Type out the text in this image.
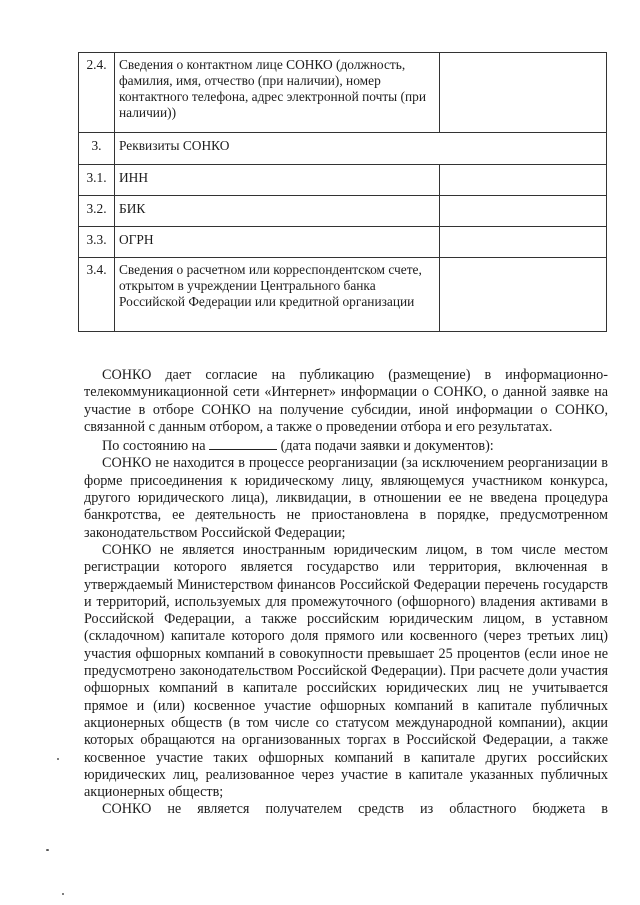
2.4.	Сведения о контактном лице СОНКО (должность, фамилия, имя, отчество (при наличии), номер контактного телефона, адрес электронной почты (при наличии))	
3.	Реквизиты СОНКО	
3.1.	ИНН	
3.2.	БИК	
3.3.	ОГРН	
3.4.	Сведения о расчетном или корреспондентском счете, открытом в учреждении Центрального банка Российской Федерации или кредитной организации	

СОНКО дает согласие на публикацию (размещение) в информационно-телекоммуникационной сети «Интернет» информации о СОНКО, о данной заявке на участие в отборе СОНКО на получение субсидии, иной информации о СОНКО, связанной с данным отбором, а также о проведении отбора и его результатах.

По состоянию на	(дата подачи заявки и документов):

СОНКО не находится в процессе реорганизации (за исключением реорганизации в форме присоединения к юридическому лицу, являющемуся участником конкурса, другого юридического лица), ликвидации, в отношении ее не введена процедура банкротства, ее деятельность не приостановлена в порядке, предусмотренном законодательством Российской Федерации;

СОНКО не является иностранным юридическим лицом, в том числе местом регистрации которого является государство или территория, включенная в утверждаемый Министерством финансов Российской Федерации перечень государств и территорий, используемых для промежуточного (офшорного) владения активами в Российской Федерации, а также российским юридическим лицом, в уставном (складочном) капитале которого доля прямого или косвенного (через третьих лиц) участия офшорных компаний в совокупности превышает 25 процентов (если иное не предусмотрено законодательством Российской Федерации). При расчете доли участия офшорных компаний в капитале российских юридических лиц не учитывается прямое и (или) косвенное участие офшорных компаний в капитале публичных акционерных обществ (в том числе со статусом международной компании), акции которых обращаются на организованных торгах в Российской Федерации, а также косвенное участие таких офшорных компаний в капитале других российских юридических лиц, реализованное через участие в капитале указанных публичных акционерных обществ;

СОНКО не является получателем средств из областного бюджета в
